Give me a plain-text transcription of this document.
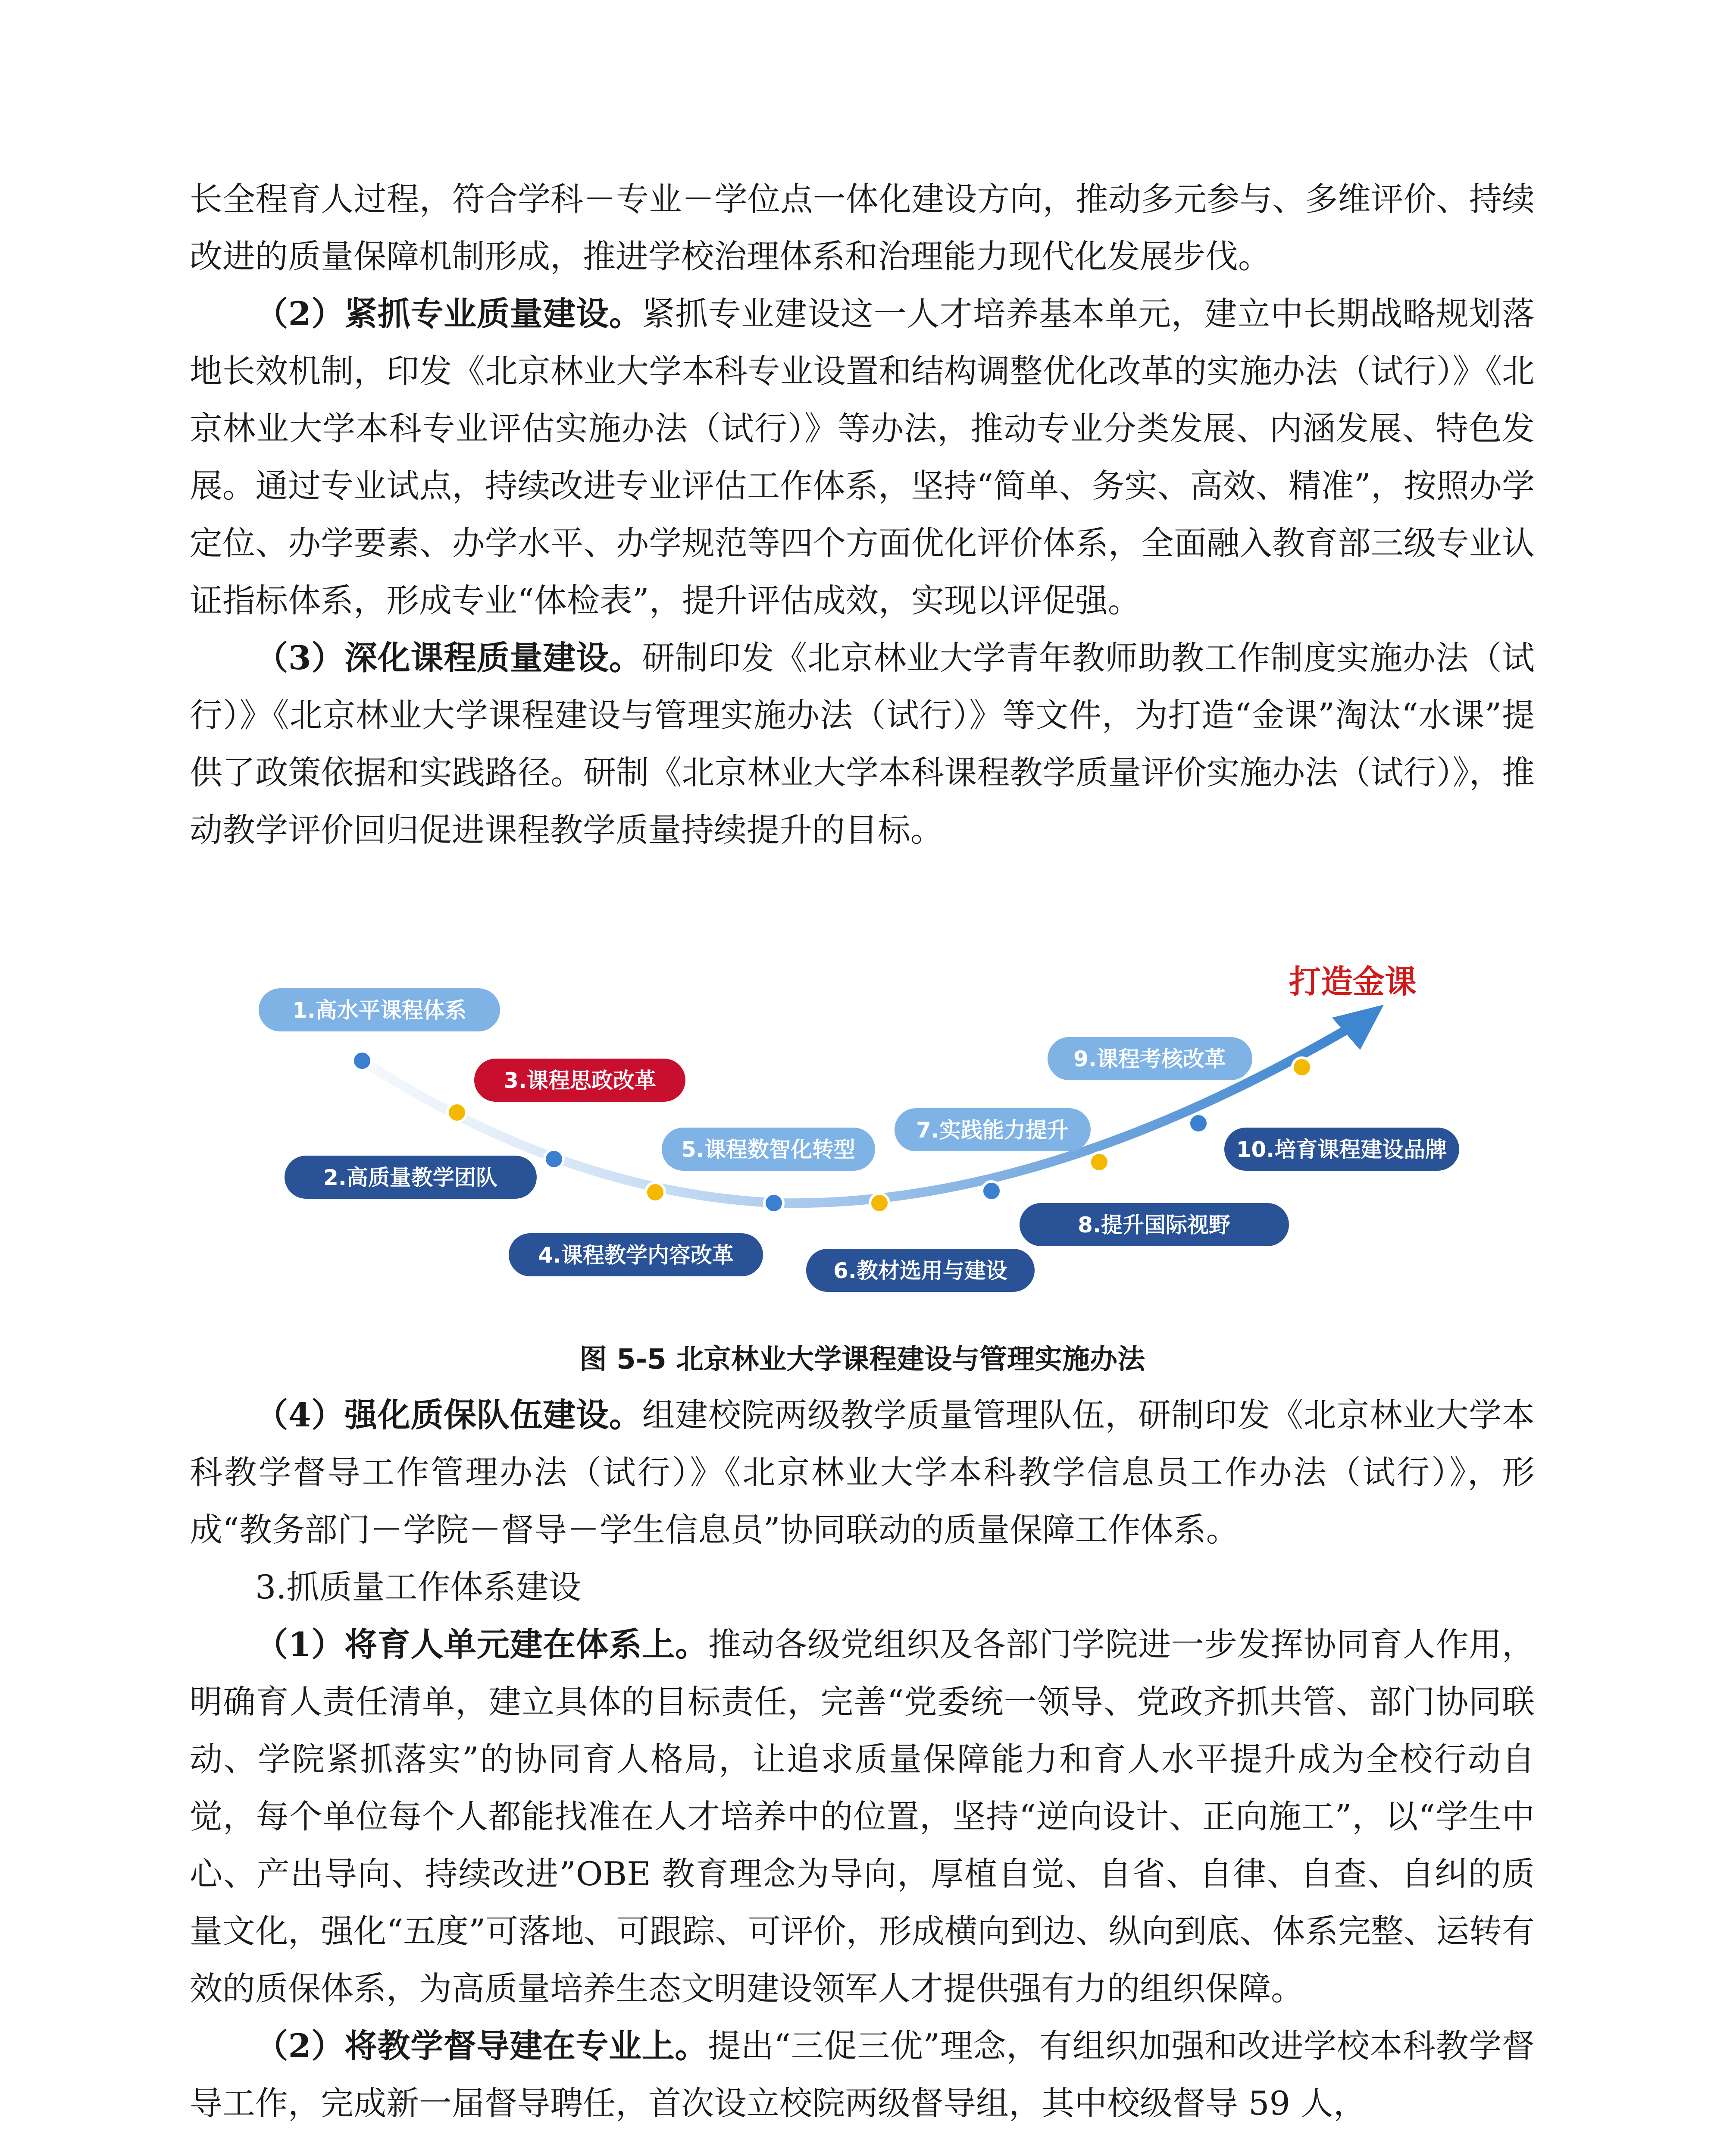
长全程育人过程，符合学科－专业－学位点一体化建设方向，推动多元参与、多维评价、持续改进的质量保障机制形成，推进学校治理体系和治理能力现代化发展步伐。

（2）紧抓专业质量建设。紧抓专业建设这一人才培养基本单元，建立中长期战略规划落地长效机制，印发《北京林业大学本科专业设置和结构调整优化改革的实施办法（试行）》《北京林业大学本科专业评估实施办法（试行）》等办法，推动专业分类发展、内涵发展、特色发展。通过专业试点，持续改进专业评估工作体系，坚持“简单、务实、高效、精准”，按照办学定位、办学要素、办学水平、办学规范等四个方面优化评价体系，全面融入教育部三级专业认证指标体系，形成专业“体检表”，提升评估成效，实现以评促强。

（3）深化课程质量建设。研制印发《北京林业大学青年教师助教工作制度实施办法（试行）》《北京林业大学课程建设与管理实施办法（试行）》等文件，为打造“金课”淘汰“水课”提供了政策依据和实践路径。研制《北京林业大学本科课程教学质量评价实施办法（试行）》，推动教学评价回归促进课程教学质量持续提升的目标。

1.高水平课程体系
2.高质量教学团队
3.课程思政改革
4.课程教学内容改革
5.课程数智化转型
6.教材选用与建设
7.实践能力提升
8.提升国际视野
9.课程考核改革
10.培育课程建设品牌
打造金课
图 5-5 北京林业大学课程建设与管理实施办法

（4）强化质保队伍建设。组建校院两级教学质量管理队伍，研制印发《北京林业大学本科教学督导工作管理办法（试行）》《北京林业大学本科教学信息员工作办法（试行）》，形成“教务部门－学院－督导－学生信息员”协同联动的质量保障工作体系。

3.抓质量工作体系建设

（1）将育人单元建在体系上。推动各级党组织及各部门学院进一步发挥协同育人作用，明确育人责任清单，建立具体的目标责任，完善“党委统一领导、党政齐抓共管、部门协同联动、学院紧抓落实”的协同育人格局，让追求质量保障能力和育人水平提升成为全校行动自觉，每个单位每个人都能找准在人才培养中的位置，坚持“逆向设计、正向施工”，以“学生中心、产出导向、持续改进”OBE 教育理念为导向，厚植自觉、自省、自律、自查、自纠的质量文化，强化“五度”可落地、可跟踪、可评价，形成横向到边、纵向到底、体系完整、运转有效的质保体系，为高质量培养生态文明建设领军人才提供强有力的组织保障。

（2）将教学督导建在专业上。提出“三促三优”理念，有组织加强和改进学校本科教学督导工作，完成新一届督导聘任，首次设立校院两级督导组，其中校级督导 59 人，
